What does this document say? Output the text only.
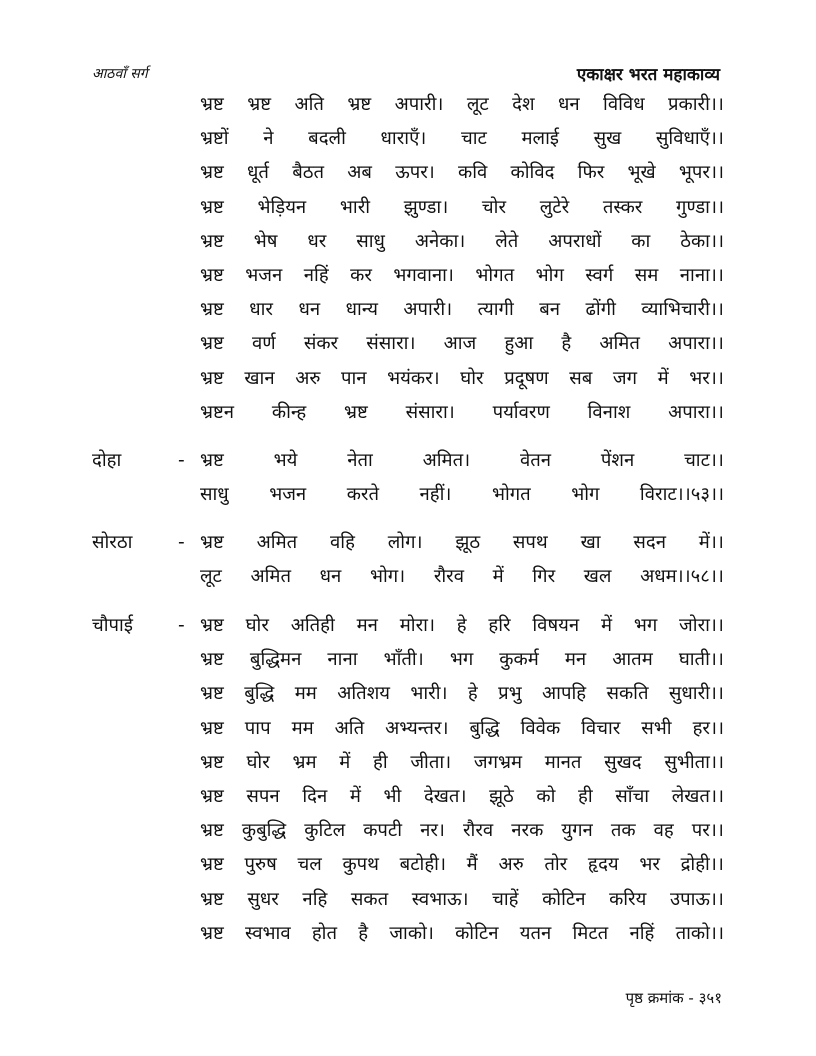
आठवाँ सर्ग	एकाक्षर भरत महाकाव्य
भ्रष्ट भ्रष्ट अति भ्रष्ट अपारी। लूट देश धन विविध प्रकारी।।
भ्रष्टों ने बदली धाराएँ। चाट मलाई सुख सुविधाएँ।।
भ्रष्ट धूर्त बैठत अब ऊपर। कवि कोविद फिर भूखे भूपर।।
भ्रष्ट भेड़ियन भारी झुण्डा। चोर लुटेरे तस्कर गुण्डा।।
भ्रष्ट भेष धर साधु अनेका। लेते अपराधों का ठेका।।
भ्रष्ट भजन नहिं कर भगवाना। भोगत भोग स्वर्ग सम नाना।।
भ्रष्ट धार धन धान्य अपारी। त्यागी बन ढोंगी व्याभिचारी।।
भ्रष्ट वर्ण संकर संसारा। आज हुआ है अमित अपारा।।
भ्रष्ट खान अरु पान भयंकर। घोर प्रदूषण सब जग में भर।।
भ्रष्टन कीन्ह भ्रष्ट संसारा। पर्यावरण विनाश अपारा।।
दोहा	- भ्रष्ट	भये	नेता	अमित।	वेतन	पेंशन	चाट।।
साधु भजन करते नहीं। भोगत भोग विराट।।५३।।
सोरठा - भ्रष्ट अमित वहि लोग। झूठ सपथ खा सदन में।।
लूट अमित धन भोग। रौरव में गिर खल अधम।।५८।।
चौपाई - भ्रष्ट घोर अतिही मन मोरा। हे हरि विषयन में भग जोरा।।
भ्रष्ट बुद्धिमन नाना भाँती। भग कुकर्म मन आतम घाती।।
भ्रष्ट बुद्धि मम अतिशय भारी। हे प्रभु आपहि सकति सुधारी।।
भ्रष्ट पाप मम अति अभ्यन्तर। बुद्धि विवेक विचार सभी हर।।
भ्रष्ट घोर भ्रम में ही जीता। जगभ्रम मानत सुखद सुभीता।।
भ्रष्ट सपन दिन में भी देखत। झूठे को ही साँचा लेखत।।
भ्रष्ट कुबुद्धि कुटिल कपटी नर। रौरव नरक युगन तक वह पर।।
भ्रष्ट पुरुष चल कुपथ बटोही। मैं अरु तोर हृदय भर द्रोही।।
भ्रष्ट सुधर नहि सकत स्वभाऊ। चाहें कोटिन करिय उपाऊ।।
भ्रष्ट स्वभाव होत है जाको। कोटिन यतन मिटत नहिं ताको।।
पृष्ठ क्रमांक - ३५१
